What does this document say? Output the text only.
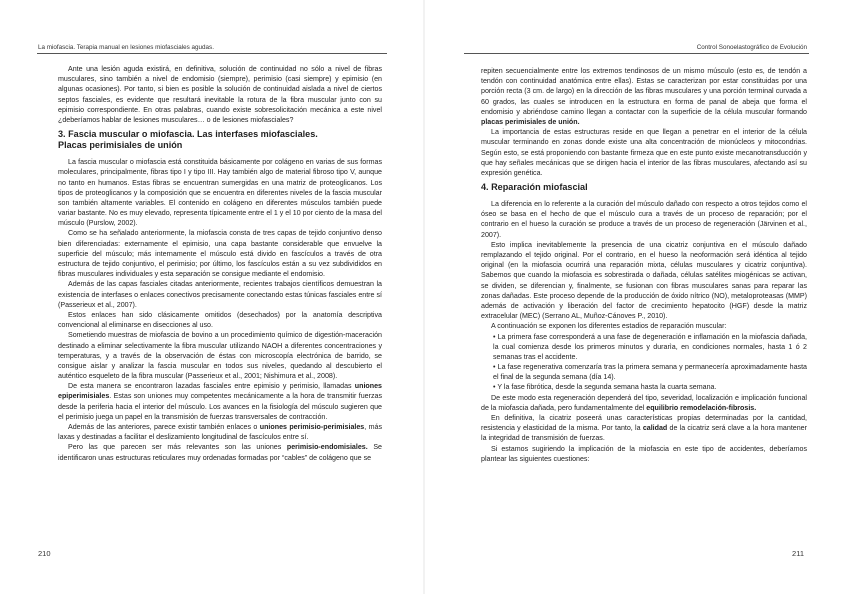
La miofascia. Terapia manual en lesiones miofasciales agudas.

Ante una lesión aguda existirá, en definitiva, solución de continuidad no sólo a nivel de fibras musculares, sino también a nivel de endomisio (siempre), perimisio (casi siempre) y epimisio (en algunas ocasiones). Por tanto, si bien es posible la solución de continuidad aislada a nivel de ciertos septos fasciales, es evidente que resultará inevitable la rotura de la fibra muscular junto con su epimisio correspondiente. En otras palabras, cuando existe sobresolicitación mecánica a este nivel ¿deberíamos hablar de lesiones musculares… o de lesiones miofasciales?

3. Fascia muscular o miofascia. Las interfases miofasciales.
Placas perimisiales de unión

La fascia muscular o miofascia está constituida básicamente por colágeno en varias de sus formas moleculares, principalmente, fibras tipo I y tipo III. Hay también algo de material fibroso tipo V, aunque no tanto en humanos. Estas fibras se encuentran sumergidas en una matriz de proteoglicanos. Los tipos de proteoglicanos y la composición que se encuentra en diferentes niveles de la fascia muscular son también altamente variables. El contenido en colágeno en diferentes músculos también puede variar bastante. No es muy elevado, representa típicamente entre el 1 y el 10 por ciento de la masa del músculo (Purslow, 2002).

Como se ha señalado anteriormente, la miofascia consta de tres capas de tejido conjuntivo denso bien diferenciadas: externamente el epimisio, una capa bastante considerable que envuelve la superficie del músculo; más internamente el músculo está divido en fascículos a través de otra estructura de tejido conjuntivo, el perimisio; por último, los fascículos están a su vez subdivididos en fibras musculares individuales y esta separación se consigue mediante el endomisio.

Además de las capas fasciales citadas anteriormente, recientes trabajos científicos demuestran la existencia de interfases o enlaces conectivos precisamente conectando estas túnicas fasciales entre sí (Passerieux et al., 2007).

Estos enlaces han sido clásicamente omitidos (desechados) por la anatomía descriptiva convencional al eliminarse en disecciones al uso.

Sometiendo muestras de miofascia de bovino a un procedimiento químico de digestión-maceración destinado a eliminar selectivamente la fibra muscular utilizando NAOH a diferentes concentraciones y temperaturas, y a través de la observación de éstas con microscopía electrónica de barrido, se consigue aislar y analizar la fascia muscular en todos sus niveles, quedando al descubierto el auténtico esqueleto de la fibra muscular (Passerieux et al., 2001; Nishimura et al., 2008).

De esta manera se encontraron lazadas fasciales entre epimisio y perimisio, llamadas uniones epiperimisiales. Estas son uniones muy competentes mecánicamente a la hora de transmitir fuerzas desde la periferia hacia el interior del músculo. Los avances en la fisiología del músculo sugieren que el perimisio juega un papel en la transmisión de fuerzas transversales de contracción.

Además de las anteriores, parece existir también enlaces o uniones perimisio-perimisiales, más laxas y destinadas a facilitar el deslizamiento longitudinal de fascículos entre sí.

Pero las que parecen ser más relevantes son las uniones perimisio-endomisiales. Se identificaron unas estructuras reticulares muy ordenadas formadas por “cables” de colágeno que se

210
Control Sonoelastográfico de Evolución

repiten secuencialmente entre los extremos tendinosos de un mismo músculo (esto es, de tendón a tendón con continuidad anatómica entre ellas). Estas se caracterizan por estar constituidas por una porción recta (3 cm. de largo) en la dirección de las fibras musculares y una porción terminal curvada a 60 grados, las cuales se introducen en la estructura en forma de panal de abeja que forma el endomisio y abriéndose camino llegan a contactar con la superficie de la célula muscular formando placas perimisiales de unión.

La importancia de estas estructuras reside en que llegan a penetrar en el interior de la célula muscular terminando en zonas donde existe una alta concentración de mionúcleos y mitocondrias. Según esto, se está proponiendo con bastante firmeza que en este punto existe mecanotransducción y que hay señales mecánicas que se dirigen hacia el interior de las fibras musculares, afectando así su expresión genética.

4. Reparación miofascial

La diferencia en lo referente a la curación del músculo dañado con respecto a otros tejidos como el óseo se basa en el hecho de que el músculo cura a través de un proceso de reparación; por el contrario en el hueso la curación se produce a través de un proceso de regeneración (Järvinen et al., 2007).

Esto implica inevitablemente la presencia de una cicatriz conjuntiva en el músculo dañado remplazando el tejido original. Por el contrario, en el hueso la neoformación será idéntica al tejido original (en la miofascia ocurrirá una reparación mixta, células musculares y cicatriz conjuntiva). Sabemos que cuando la miofascia es sobrestirada o dañada, células satélites miogénicas se activan, se dividen, se diferencian y, finalmente, se fusionan con fibras musculares sanas para reparar las zonas dañadas. Este proceso depende de la producción de óxido nítrico (NO), metaloproteasas (MMP) además de activación y liberación del factor de crecimiento hepatocito (HGF) desde la matriz extracelular (MEC) (Serrano AL, Muñoz-Cánoves P., 2010).

A continuación se exponen los diferentes estadios de reparación muscular:

• La primera fase corresponderá a una fase de degeneración e inflamación en la miofascia dañada, la cual comienza desde los primeros minutos y durarìa, en condiciones normales, hasta 1 ó 2 semanas tras el accidente.

• La fase regenerativa comenzaría tras la primera semana y permanecería aproximadamente hasta el final de la segunda semana (día 14).

• Y la fase fibrótica, desde la segunda semana hasta la cuarta semana.

De este modo esta regeneración dependerá del tipo, severidad, localización e implicación funcional de la miofascia dañada, pero fundamentalmente del equilibrio remodelación-fibrosis.

En definitiva, la cicatriz poseerá unas características propias determinadas por la cantidad, resistencia y elasticidad de la misma. Por tanto, la calidad de la cicatriz será clave a la hora mantener la integridad de transmisión de fuerzas.

Si estamos sugiriendo la implicación de la miofascia en este tipo de accidentes, deberíamos plantear las siguientes cuestiones:

211
